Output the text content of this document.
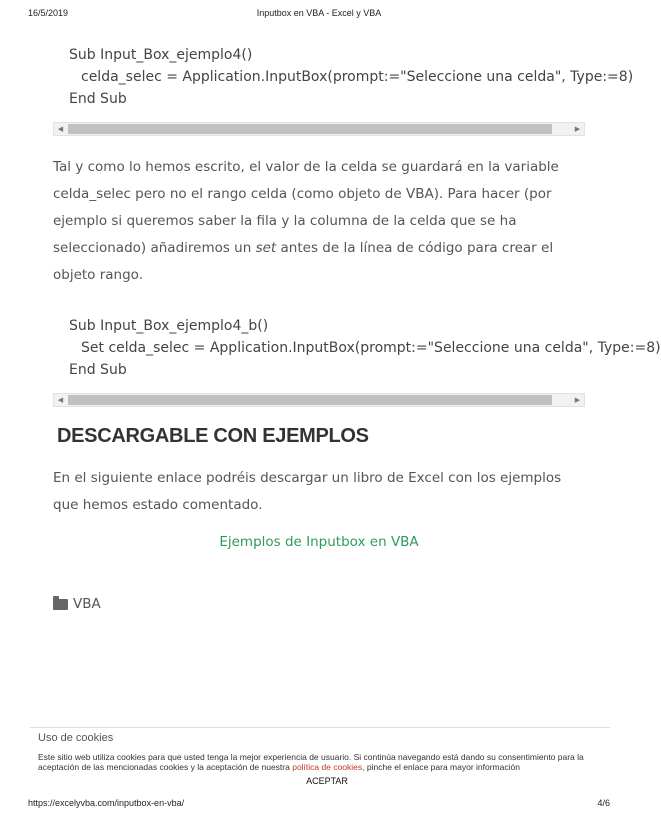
16/5/2019	Inputbox en VBA - Excel y VBA
Sub Input_Box_ejemplo4()
celda_selec = Application.InputBox(prompt:="Seleccione una celda", Type:=8)
End Sub
◀	▶

Tal y como lo hemos escrito, el valor de la celda se guardará en la variable celda_selec pero no el rango celda (como objeto de VBA). Para hacer (por ejemplo si queremos saber la fila y la columna de la celda que se ha seleccionado) añadiremos un set antes de la línea de código para crear el objeto rango.

Sub Input_Box_ejemplo4_b()
Set celda_selec = Application.InputBox(prompt:="Seleccione una celda", Type:=8)
End Sub
◀	▶
DESCARGABLE CON EJEMPLOS

En el siguiente enlace podréis descargar un libro de Excel con los ejemplos que hemos estado comentado.

Ejemplos de Inputbox en VBA
VBA
Uso de cookies
Este sitio web utiliza cookies para que usted tenga la mejor experiencia de usuario. Si continúa navegando está dando su consentimiento para la aceptación de las mencionadas cookies y la aceptación de nuestra política de cookies, pinche el enlace para mayor información
ACEPTAR
https://excelyvba.com/inputbox-en-vba/	4/6
